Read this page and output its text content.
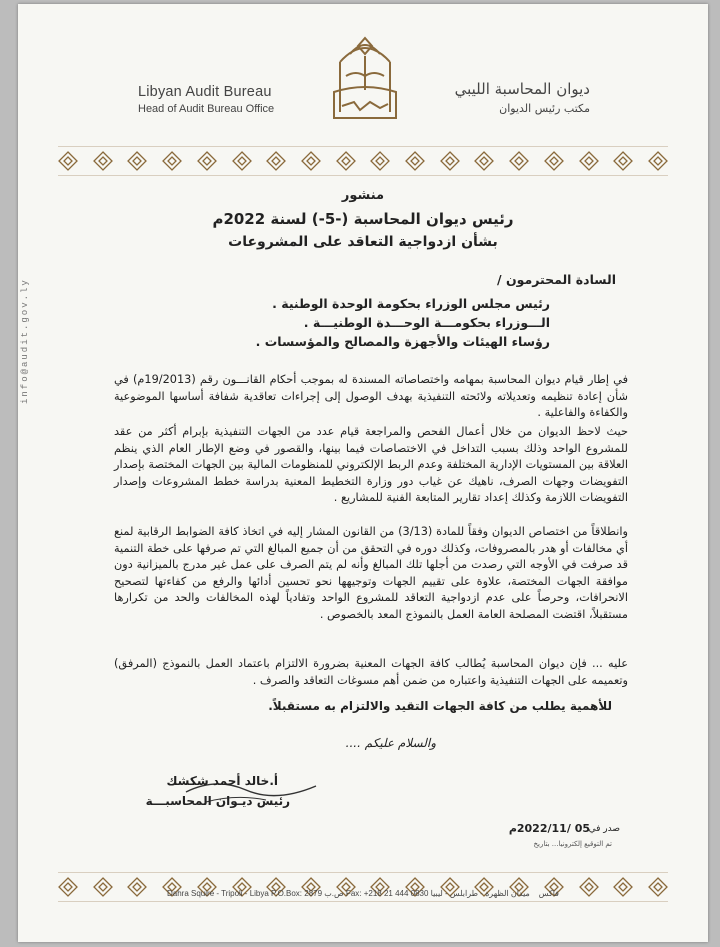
Libyan Audit Bureau
Head of Audit Bureau Office
ديوان المحاسبة الليبي
مكتب رئيس الديوان
info@audit.gov.ly
منشور
رئيس ديوان المحاسبة (-5-) لسنة 2022م
بشأن ازدواجية التعاقد على المشروعات
السادة المحترمون /
رئيس مجلس الوزراء بحكومة الوحدة الوطنية .
الـــوزراء بحكومـــة الوحـــدة الوطنيـــة .
رؤساء الهيئات والأجهزة والمصالح والمؤسسات .

في إطار قيام ديوان المحاسبة بمهامه واختصاصاته المسندة له بموجب أحكام القانـــون رقم (19/2013م) في شأن إعادة تنظيمه وتعديلاته ولائحته التنفيذية بهدف الوصول إلى إجراءات تعاقدية شفافة أساسها الموضوعية والكفاءة والفاعلية .

حيث لاحظ الديوان من خلال أعمال الفحص والمراجعة قيام عدد من الجهات التنفيذية بإبرام أكثر من عقد للمشروع الواحد وذلك بسبب التداخل في الاختصاصات فيما بينها، والقصور في وضع الإطار العام الذي ينظم العلاقة بين المستويات الإدارية المختلفة وعدم الربط الإلكتروني للمنظومات المالية بين الجهات المختصة بإصدار التفويضات وجهات الصرف، ناهيك عن غياب دور وزارة التخطيط المعنية بدراسة خطط المشروعات وإصدار التفويضات اللازمة وكذلك إعداد تقارير المتابعة الفنية للمشاريع .

وانطلاقاً من اختصاص الديوان وفقاً للمادة (3/13) من القانون المشار إليه في اتخاذ كافة الضوابط الرقابية لمنع أي مخالفات أو هدر بالمصروفات، وكذلك دوره في التحقق من أن جميع المبالغ التي تم صرفها على خطة التنمية قد صرفت في الأوجه التي رصدت من أجلها تلك المبالغ وأنه لم يتم الصرف على عمل غير مدرج بالميزانية دون موافقة الجهات المختصة، علاوة على تقييم الجهات وتوجيهها نحو تحسين أدائها والرفع من كفاءتها لتصحيح الانحرافات، وحرصاً على عدم ازدواجية التعاقد للمشروع الواحد وتفادياً لهذه المخالفات والحد من تكرارها مستقبلاً، اقتضت المصلحة العامة العمل بالنموذج المعد بالخصوص .

عليه ... فإن ديوان المحاسبة يُطالب كافة الجهات المعنية بضرورة الالتزام باعتماد العمل بالنموذج (المرفق) وتعميمه على الجهات التنفيذية واعتباره من ضمن أهم مسوغات التعاقد والصرف .

للأهمية يطلب من كافة الجهات التقيد والالتزام به مستقبلاً.

والسلام عليكم ....
أ.خالد أحمد شكشك
رئيس ديـوان المحاسبـــة
صدر في
05 /2022/11م
تم التوقيع إلكترونيا... بتاريخ
Dahra Squire - Tripoli - Libya P.O.Box: 2879 ص.ب Fax: +218 21 444 0830 فاكس    ميدان الظهرة - طرابلس - ليبيا
